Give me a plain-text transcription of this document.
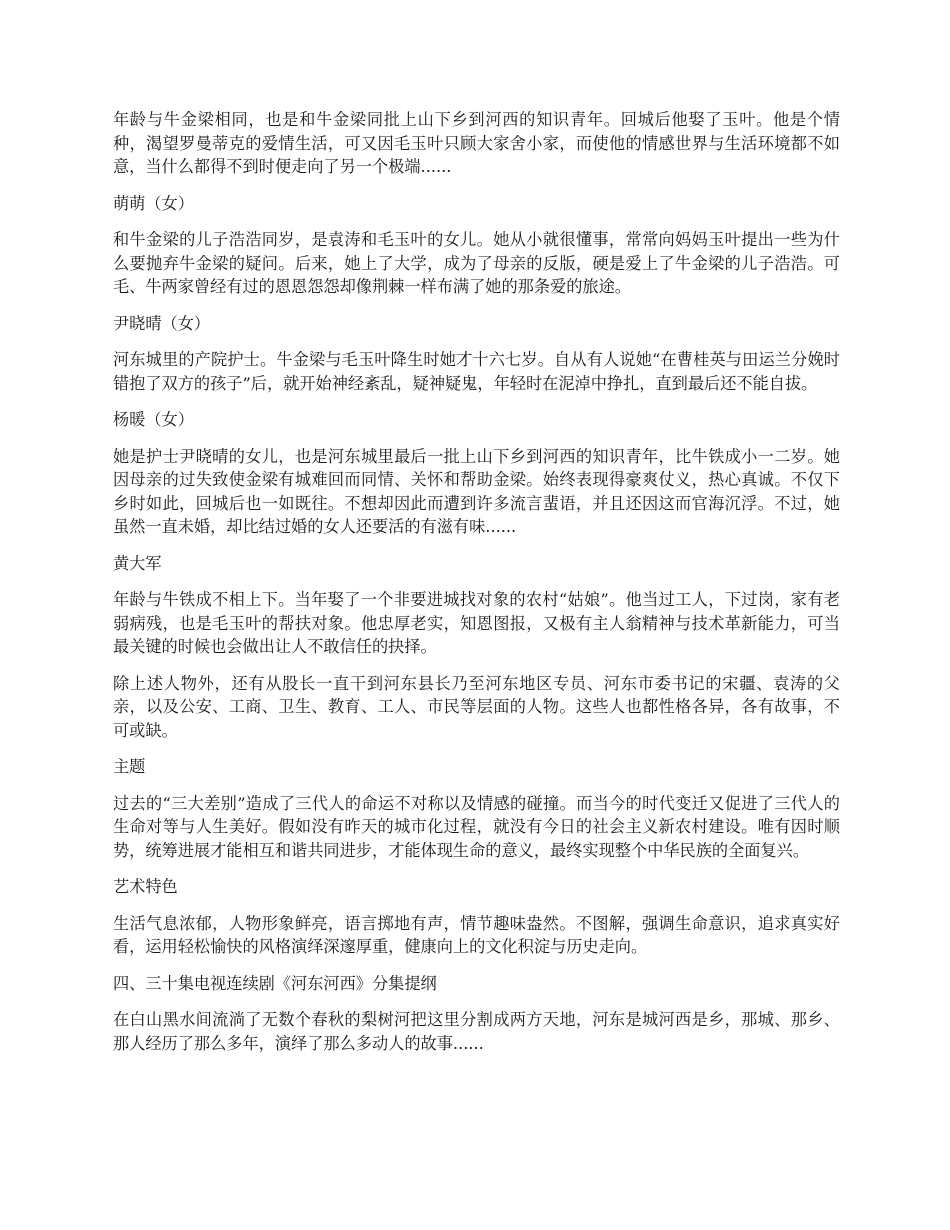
年龄与牛金梁相同，也是和牛金梁同批上山下乡到河西的知识青年。回城后他娶了玉叶。他是个情种，渴望罗曼蒂克的爱情生活，可又因毛玉叶只顾大家舍小家，而使他的情感世界与生活环境都不如意，当什么都得不到时便走向了另一个极端......

萌萌（女）

和牛金梁的儿子浩浩同岁，是袁涛和毛玉叶的女儿。她从小就很懂事，常常向妈妈玉叶提出一些为什么要抛弃牛金梁的疑问。后来，她上了大学，成为了母亲的反版，硬是爱上了牛金梁的儿子浩浩。可毛、牛两家曾经有过的恩恩怨怨却像荆棘一样布满了她的那条爱的旅途。

尹晓晴（女）

河东城里的产院护士。牛金梁与毛玉叶降生时她才十六七岁。自从有人说她“在曹桂英与田运兰分娩时错抱了双方的孩子”后，就开始神经紊乱，疑神疑鬼，年轻时在泥淖中挣扎，直到最后还不能自拔。

杨暖（女）

她是护士尹晓晴的女儿，也是河东城里最后一批上山下乡到河西的知识青年，比牛铁成小一二岁。她因母亲的过失致使金梁有城难回而同情、关怀和帮助金梁。始终表现得豪爽仗义，热心真诚。不仅下乡时如此，回城后也一如既往。不想却因此而遭到许多流言蜚语，并且还因这而官海沉浮。不过，她虽然一直未婚，却比结过婚的女人还要活的有滋有味......

黄大军

年龄与牛铁成不相上下。当年娶了一个非要进城找对象的农村“姑娘”。他当过工人，下过岗，家有老弱病残，也是毛玉叶的帮扶对象。他忠厚老实，知恩图报，又极有主人翁精神与技术革新能力，可当最关键的时候也会做出让人不敢信任的抉择。

除上述人物外，还有从股长一直干到河东县长乃至河东地区专员、河东市委书记的宋疆、袁涛的父亲，以及公安、工商、卫生、教育、工人、市民等层面的人物。这些人也都性格各异，各有故事，不可或缺。

主题

过去的“三大差别”造成了三代人的命运不对称以及情感的碰撞。而当今的时代变迁又促进了三代人的生命对等与人生美好。假如没有昨天的城市化过程，就没有今日的社会主义新农村建设。唯有因时顺势，统筹进展才能相互和谐共同进步，才能体现生命的意义，最终实现整个中华民族的全面复兴。

艺术特色

生活气息浓郁，人物形象鲜亮，语言掷地有声，情节趣味盎然。不图解，强调生命意识，追求真实好看，运用轻松愉快的风格演绎深邃厚重，健康向上的文化积淀与历史走向。

四、三十集电视连续剧《河东河西》分集提纲

在白山黑水间流淌了无数个春秋的梨树河把这里分割成两方天地，河东是城河西是乡，那城、那乡、那人经历了那么多年，演绎了那么多动人的故事......
